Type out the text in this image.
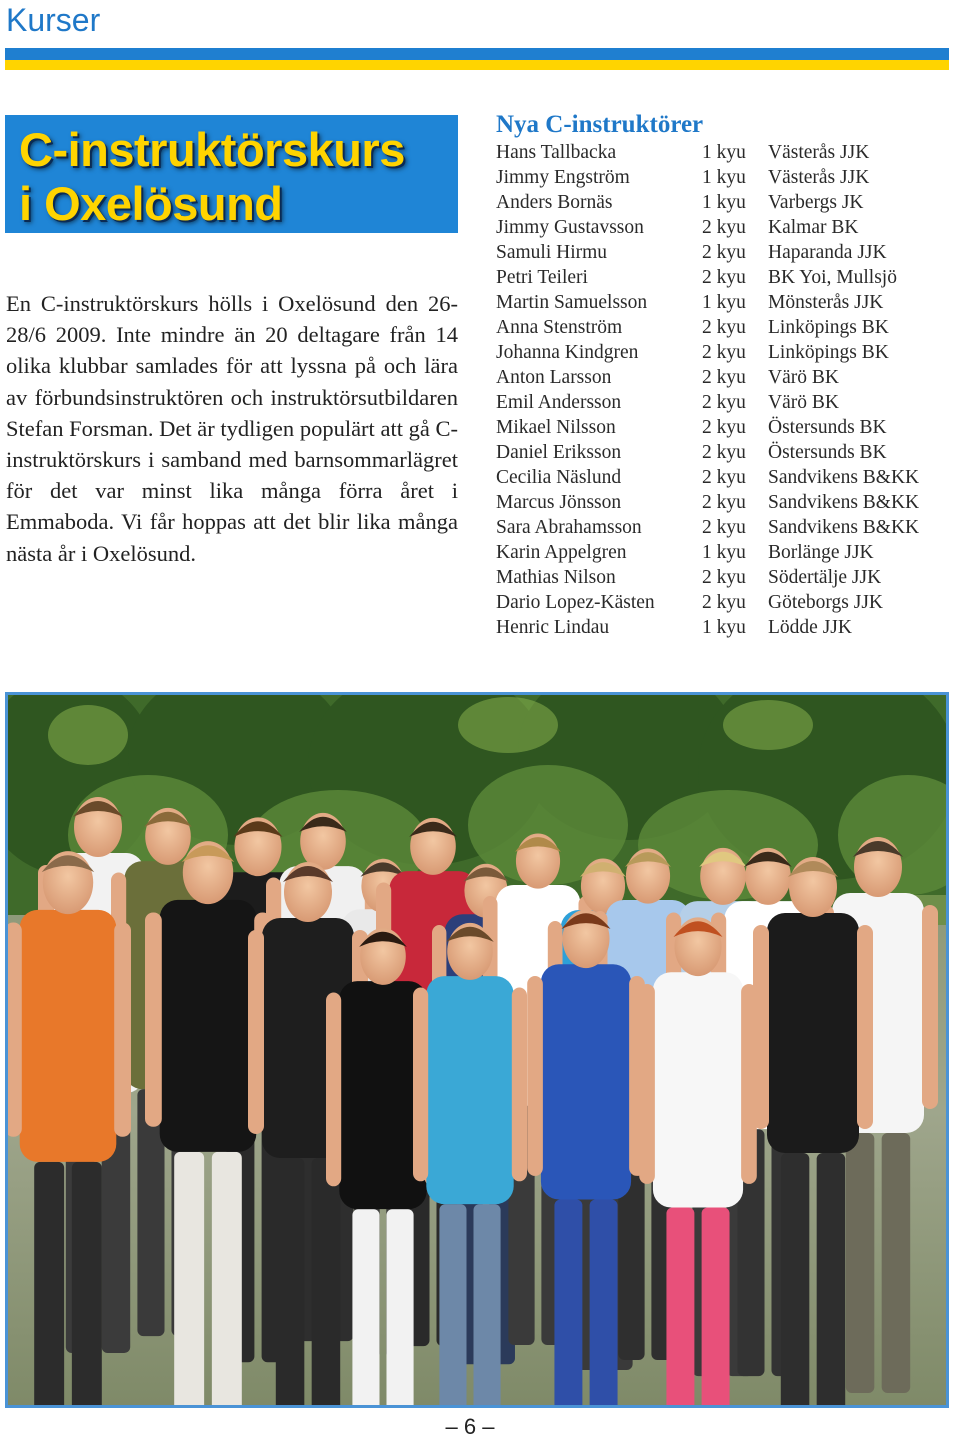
Kurser
C-instruktörskurs
i Oxelösund

En C-instruktörskurs hölls i Oxelösund den 26-28/6 2009. Inte mindre än 20 deltagare från 14 olika klubbar samlades för att lyssna på och lära av förbundsinstruktören och instruktörsutbildaren Stefan Forsman. Det är tydligen populärt att gå C-instruktörskurs i samband med barnsommarlägret för det var minst lika många förra året i Emmaboda. Vi får hoppas att det blir lika många nästa år i Oxelösund.

Nya C-instruktörer
Hans Tallbacka	1 kyu	Västerås JJK
Jimmy Engström	1 kyu	Västerås JJK
Anders Bornäs	1 kyu	Varbergs JK
Jimmy Gustavsson	2 kyu	Kalmar BK
Samuli Hirmu	2 kyu	Haparanda JJK
Petri Teileri	2 kyu	BK Yoi, Mullsjö
Martin Samuelsson	1 kyu	Mönsterås JJK
Anna Stenström	2 kyu	Linköpings BK
Johanna Kindgren	2 kyu	Linköpings BK
Anton Larsson	2 kyu	Värö BK
Emil Andersson	2 kyu	Värö BK
Mikael Nilsson	2 kyu	Östersunds BK
Daniel Eriksson	2 kyu	Östersunds BK
Cecilia Näslund	2 kyu	Sandvikens B&KK
Marcus Jönsson	2 kyu	Sandvikens B&KK
Sara Abrahamsson	2 kyu	Sandvikens B&KK
Karin Appelgren	1 kyu	Borlänge JJK
Mathias Nilson	2 kyu	Södertälje JJK
Dario Lopez-Kästen	2 kyu	Göteborgs JJK
Henric Lindau	1 kyu	Lödde JJK
– 6 –
